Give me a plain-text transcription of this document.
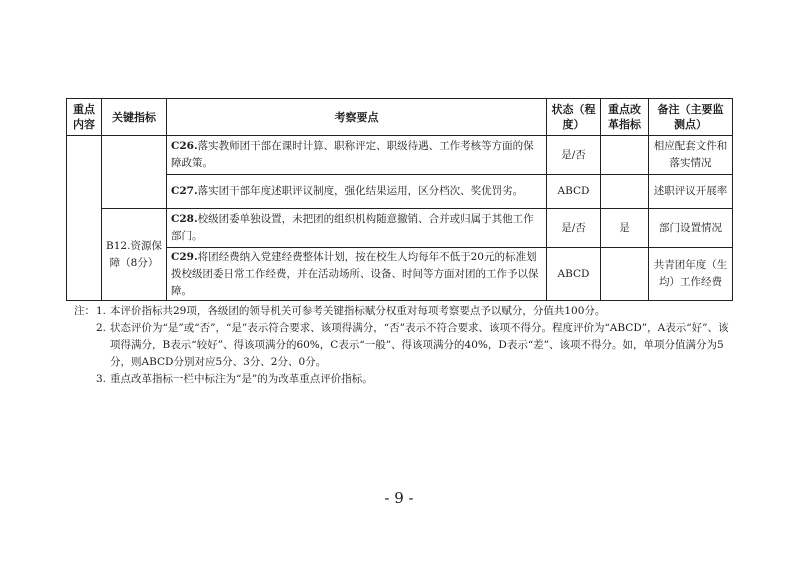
重点内容	关键指标	考察要点	状态（程度）	重点改革指标	备注（主要监测点）
		C26.落实教师团干部在课时计算、职称评定、职级待遇、工作考核等方面的保障政策。	是/否		相应配套文件和落实情况
		C27.落实团干部年度述职评议制度，强化结果运用，区分档次、奖优罚劣。	ABCD		述职评议开展率
	B12.资源保障（8分）	C28.校级团委单独设置，未把团的组织机构随意撤销、合并或归属于其他工作部门。	是/否	是	部门设置情况
		C29.将团经费纳入党建经费整体计划，按在校生人均每年不低于20元的标准划拨校级团委日常工作经费，并在活动场所、设备、时间等方面对团的工作予以保障。	ABCD		共青团年度（生均）工作经费
注： 1. 本评价指标共29项，各级团的领导机关可参考关键指标赋分权重对每项考察要点予以赋分，分值共100分。
2. 状态评价为“是”或“否”，“是”表示符合要求、该项得满分，“否”表示不符合要求、该项不得分。程度评价为“ABCD”，A表示“好”、该项得满分，B表示“较好”、得该项满分的60%，C表示“一般”、得该项满分的40%，D表示“差”、该项不得分。如，单项分值满分为5分，则ABCD分别对应5分、3分、2分、0分。
3. 重点改革指标一栏中标注为“是”的为改革重点评价指标。
- 9 -
